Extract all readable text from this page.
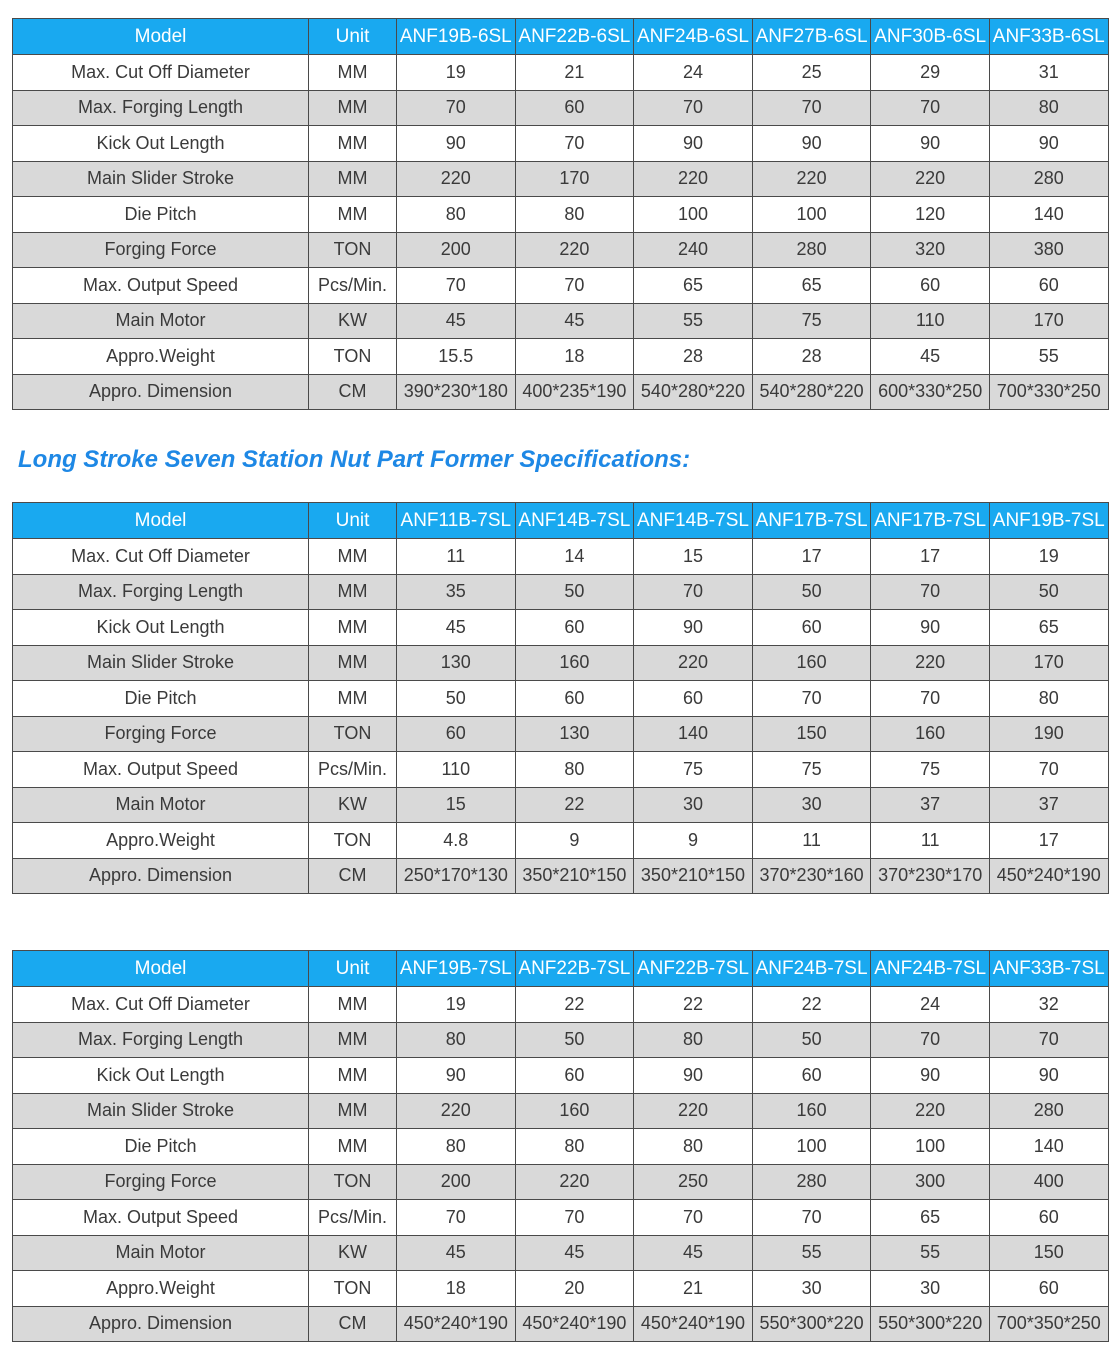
Model	Unit	ANF19B-6SL	ANF22B-6SL	ANF24B-6SL	ANF27B-6SL	ANF30B-6SL	ANF33B-6SL
Max. Cut Off Diameter	MM	19	21	24	25	29	31
Max. Forging Length	MM	70	60	70	70	70	80
Kick Out Length	MM	90	70	90	90	90	90
Main Slider Stroke	MM	220	170	220	220	220	280
Die Pitch	MM	80	80	100	100	120	140
Forging Force	TON	200	220	240	280	320	380
Max. Output Speed	Pcs/Min.	70	70	65	65	60	60
Main Motor	KW	45	45	55	75	110	170
Appro.Weight	TON	15.5	18	28	28	45	55
Appro. Dimension	CM	390*230*180	400*235*190	540*280*220	540*280*220	600*330*250	700*330*250
Long Stroke Seven Station Nut Part Former Specifications:
Model	Unit	ANF11B-7SL	ANF14B-7SL	ANF14B-7SL	ANF17B-7SL	ANF17B-7SL	ANF19B-7SL
Max. Cut Off Diameter	MM	11	14	15	17	17	19
Max. Forging Length	MM	35	50	70	50	70	50
Kick Out Length	MM	45	60	90	60	90	65
Main Slider Stroke	MM	130	160	220	160	220	170
Die Pitch	MM	50	60	60	70	70	80
Forging Force	TON	60	130	140	150	160	190
Max. Output Speed	Pcs/Min.	110	80	75	75	75	70
Main Motor	KW	15	22	30	30	37	37
Appro.Weight	TON	4.8	9	9	11	11	17
Appro. Dimension	CM	250*170*130	350*210*150	350*210*150	370*230*160	370*230*170	450*240*190
Model	Unit	ANF19B-7SL	ANF22B-7SL	ANF22B-7SL	ANF24B-7SL	ANF24B-7SL	ANF33B-7SL
Max. Cut Off Diameter	MM	19	22	22	22	24	32
Max. Forging Length	MM	80	50	80	50	70	70
Kick Out Length	MM	90	60	90	60	90	90
Main Slider Stroke	MM	220	160	220	160	220	280
Die Pitch	MM	80	80	80	100	100	140
Forging Force	TON	200	220	250	280	300	400
Max. Output Speed	Pcs/Min.	70	70	70	70	65	60
Main Motor	KW	45	45	45	55	55	150
Appro.Weight	TON	18	20	21	30	30	60
Appro. Dimension	CM	450*240*190	450*240*190	450*240*190	550*300*220	550*300*220	700*350*250
